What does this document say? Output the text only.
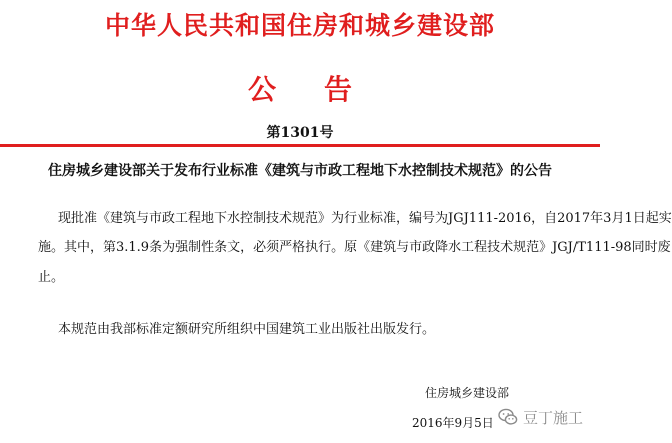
中华人民共和国住房和城乡建设部
公告
第1301号
住房城乡建设部关于发布行业标准《建筑与市政工程地下水控制技术规范》的公告
现批准《建筑与市政工程地下水控制技术规范》为行业标准，编号为JGJ111-2016，自2017年3月1日起实
施。其中，第3.1.9条为强制性条文，必须严格执行。原《建筑与市政降水工程技术规范》JGJ/T111-98同时废
止。
本规范由我部标准定额研究所组织中国建筑工业出版社出版发行。
住房城乡建设部
2016年9月5日 豆丁施工
